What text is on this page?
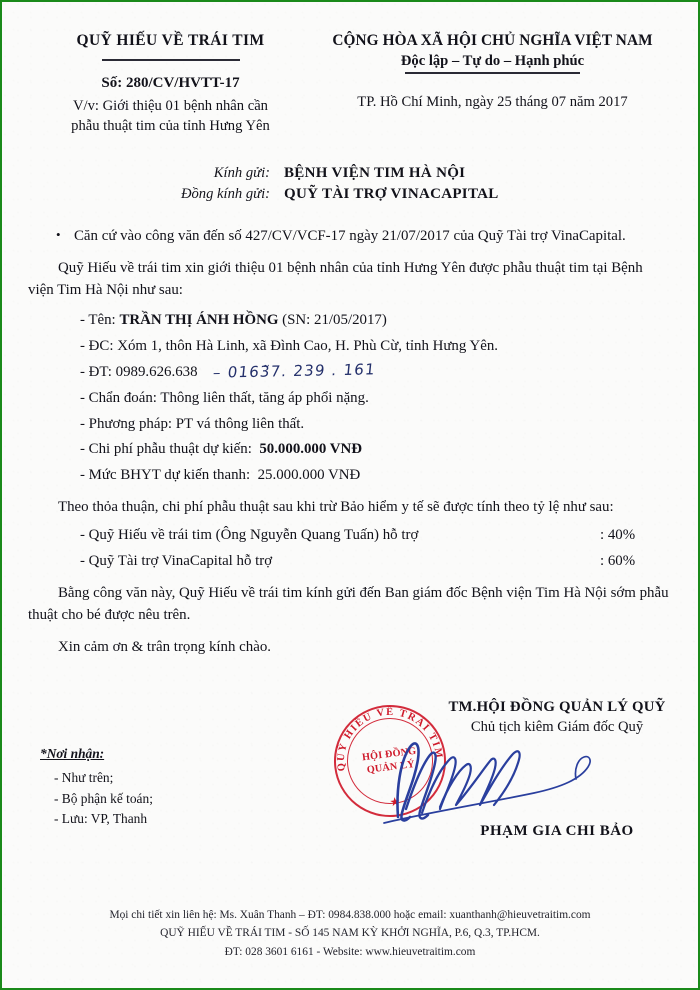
QUỸ HIẾU VỀ TRÁI TIM
Số: 280/CV/HVTT-17
V/v: Giới thiệu 01 bệnh nhân cần
phẫu thuật tim của tỉnh Hưng Yên
CỘNG HÒA XÃ HỘI CHỦ NGHĨA VIỆT NAM
Độc lập – Tự do – Hạnh phúc
TP. Hồ Chí Minh, ngày 25 tháng 07 năm 2017
Kính gửi: BỆNH VIỆN TIM HÀ NỘI
Đồng kính gửi: QUỸ TÀI TRỢ VINACAPITAL
• Căn cứ vào công văn đến số 427/CV/VCF-17 ngày 21/07/2017 của Quỹ Tài trợ VinaCapital.
Quỹ Hiếu về trái tim xin giới thiệu 01 bệnh nhân của tỉnh Hưng Yên được phẫu thuật tim tại Bệnh viện Tim Hà Nội như sau:
- Tên: TRẦN THỊ ÁNH HỒNG (SN: 21/05/2017)
- ĐC: Xóm 1, thôn Hà Linh, xã Đình Cao, H. Phù Cừ, tỉnh Hưng Yên.
- ĐT: 0989.626.638 – 0163̃7. 239 . 161
- Chẩn đoán: Thông liên thất, tăng áp phổi nặng.
- Phương pháp: PT vá thông liên thất.
- Chi phí phẫu thuật dự kiến: 50.000.000 VNĐ
- Mức BHYT dự kiến thanh: 25.000.000 VNĐ
Theo thỏa thuận, chi phí phẫu thuật sau khi trừ Bảo hiểm y tế sẽ được tính theo tỷ lệ như sau:
- Quỹ Hiếu về trái tim (Ông Nguyễn Quang Tuấn) hỗ trợ	: 40%
- Quỹ Tài trợ VinaCapital hỗ trợ	: 60%
Bằng công văn này, Quỹ Hiếu về trái tim kính gửi đến Ban giám đốc Bệnh viện Tim Hà Nội sớm phẫu thuật cho bé được nêu trên.
Xin cảm ơn & trân trọng kính chào.
TM.HỘI ĐỒNG QUẢN LÝ QUỸ
Chủ tịch kiêm Giám đốc Quỹ
QUỸ HIẾU VỀ TRÁI TIM
HỘI ĐỒNG
QUẢN LÝ
★
PHẠM GIA CHI BẢO
*Nơi nhận:
- Như trên;
- Bộ phận kế toán;
- Lưu: VP, Thanh
Mọi chi tiết xin liên hệ: Ms. Xuân Thanh – ĐT: 0984.838.000 hoặc email: xuanthanh@hieuvetraitim.com
QUỸ HIẾU VỀ TRÁI TIM - SỐ 145 NAM KỲ KHỞI NGHĨA, P.6, Q.3, TP.HCM.
ĐT: 028 3601 6161 - Website: www.hieuvetraitim.com
